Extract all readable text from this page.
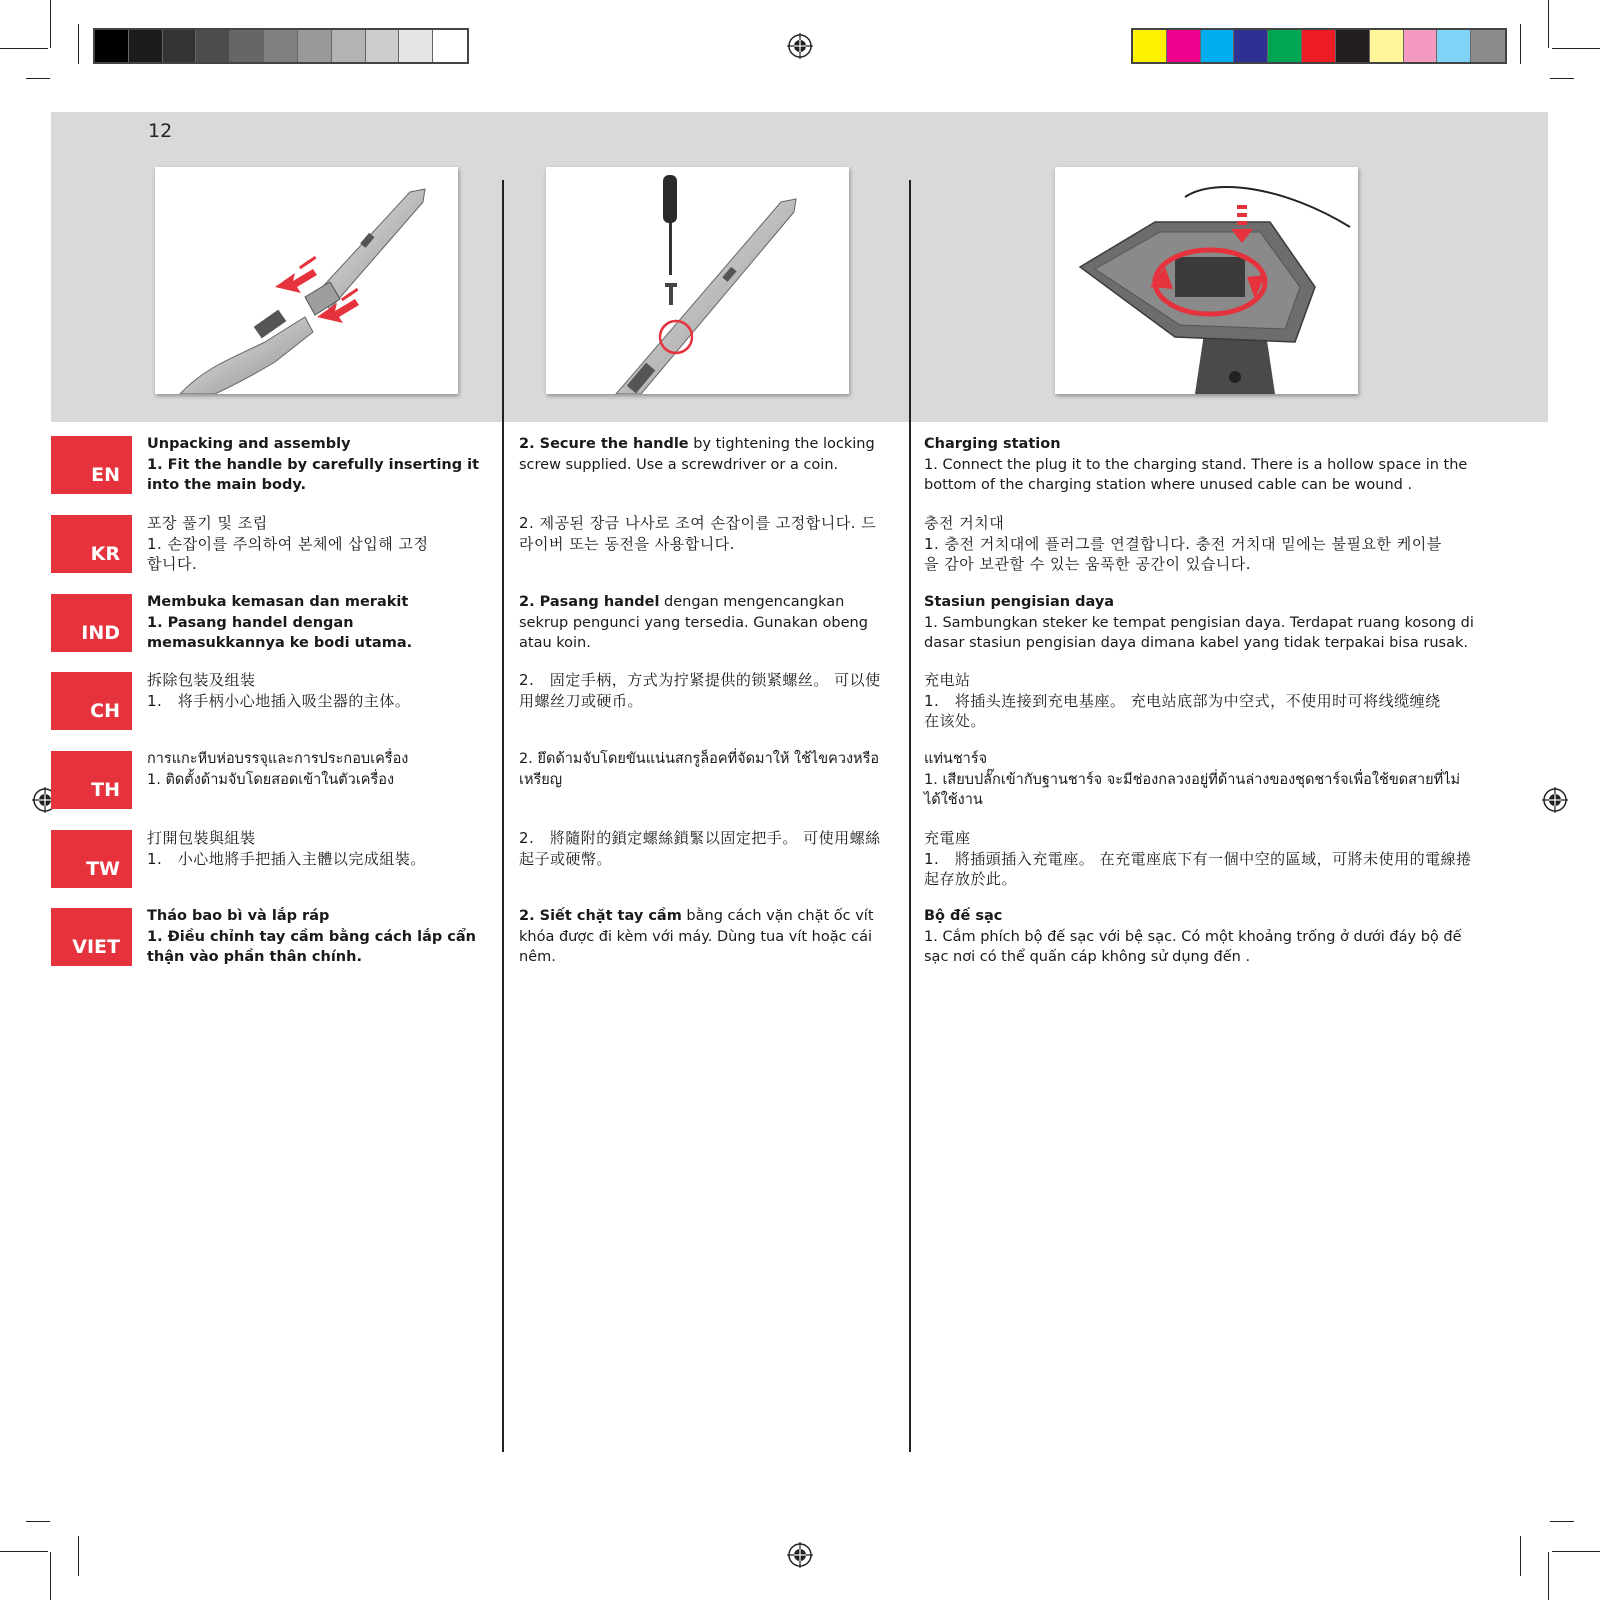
12
EN
Unpacking and assembly
1. Fit the handle by carefully inserting it into the main body.
2. Secure the handle by tightening the locking screw supplied. Use a screwdriver or a coin.
Charging station
1. Connect the plug it to the charging stand. There is a hollow space in the bottom of the charging station where unused cable can be wound .
KR
포장 풀기 및 조립
1. 손잡이를 주의하여 본체에 삽입해 고정합니다.
2. 제공된 장금 나사로 조여 손잡이를 고정합니다. 드라이버 또는 동전을 사용합니다.
충전 거치대
1. 충전 거치대에 플러그를 연결합니다. 충전 거치대 밑에는 불필요한 케이블을 감아 보관할 수 있는 움푹한 공간이 있습니다.
IND
Membuka kemasan dan merakit
1. Pasang handel dengan memasukkannya ke bodi utama.
2. Pasang handel dengan mengencangkan sekrup pengunci yang tersedia. Gunakan obeng atau koin.
Stasiun pengisian daya
1. Sambungkan steker ke tempat pengisian daya. Terdapat ruang kosong di dasar stasiun pengisian daya dimana kabel yang tidak terpakai bisa rusak.
CH
拆除包装及组装
1.　将手柄小心地插入吸尘器的主体。
2.　固定手柄，方式为拧紧提供的锁紧螺丝。 可以使用螺丝刀或硬币。
充电站
1.　将插头连接到充电基座。 充电站底部为中空式，不使用时可将线缆缠绕在该处。
TH
การแกะหีบห่อบรรจุและการประกอบเครื่อง
1. ติดตั้งด้ามจับโดยสอดเข้าในตัวเครื่อง
2. ยึดด้ามจับโดยขันแน่นสกรูล็อคที่จัดมาให้ ใช้ไขควงหรือเหรียญ
แท่นชาร์จ
1. เสียบปลั๊กเข้ากับฐานชาร์จ จะมีช่องกลวงอยู่ที่ด้านล่างของชุดชาร์จเพื่อใช้ขดสายที่ไม่ได้ใช้งาน
TW
打開包裝與組裝
1.　小心地將手把插入主體以完成組裝。
2.　將隨附的鎖定螺絲鎖緊以固定把手。 可使用螺絲起子或硬幣。
充電座
1.　將插頭插入充電座。 在充電座底下有一個中空的區域，可將未使用的電線捲起存放於此。
VIET
Tháo bao bì và lắp ráp
1. Điều chỉnh tay cầm bằng cách lắp cẩn thận vào phần thân chính.
2. Siết chặt tay cầm bằng cách vặn chặt ốc vít khóa được đi kèm với máy. Dùng tua vít hoặc cái nêm.
Bộ đế sạc
1. Cắm phích bộ đế sạc với bệ sạc. Có một khoảng trống ở dưới đáy bộ đế sạc nơi có thể quấn cáp không sử dụng đến .
